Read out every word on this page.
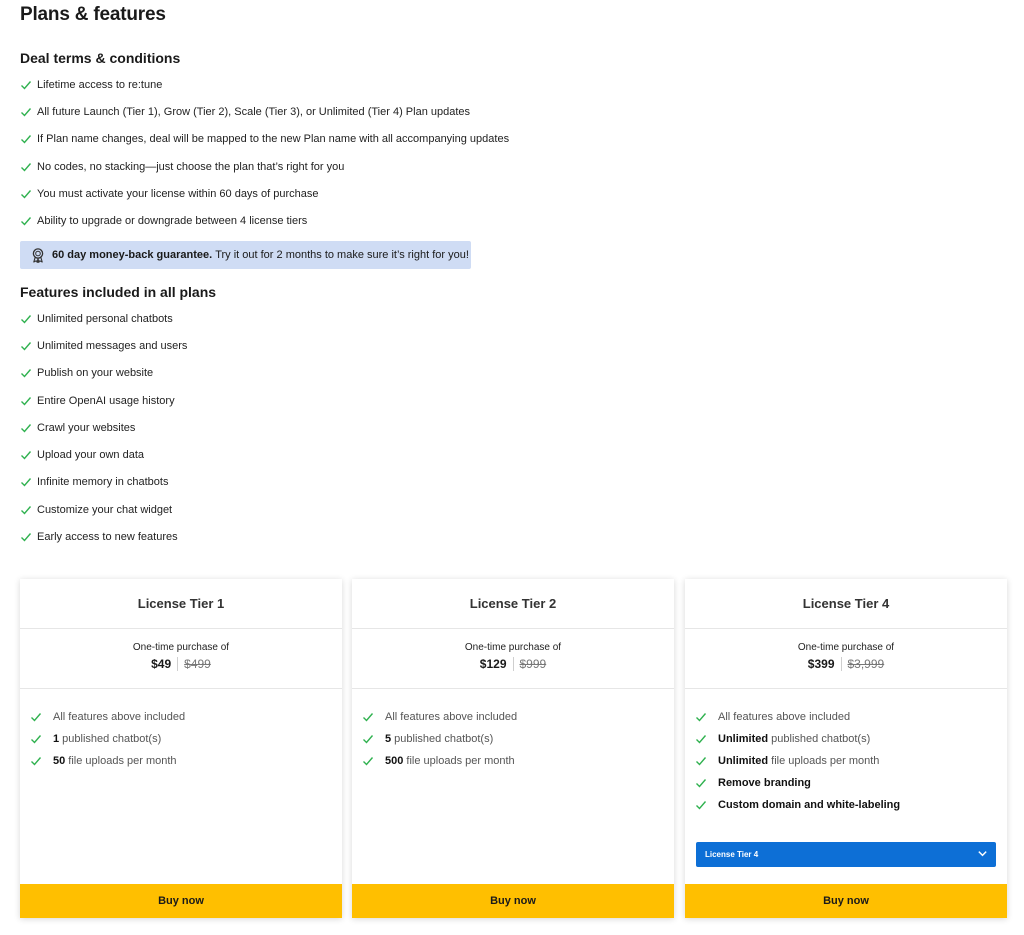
Plans & features
Deal terms & conditions
Lifetime access to re:tune
All future Launch (Tier 1), Grow (Tier 2), Scale (Tier 3), or Unlimited (Tier 4) Plan updates
If Plan name changes, deal will be mapped to the new Plan name with all accompanying updates
No codes, no stacking—just choose the plan that’s right for you
You must activate your license within 60 days of purchase
Ability to upgrade or downgrade between 4 license tiers
60 day money-back guarantee. Try it out for 2 months to make sure it’s right for you!
Features included in all plans
Unlimited personal chatbots
Unlimited messages and users
Publish on your website
Entire OpenAI usage history
Crawl your websites
Upload your own data
Infinite memory in chatbots
Customize your chat widget
Early access to new features
License Tier 1
One-time purchase of
$49	$499
All features above included
1 published chatbot(s)
50 file uploads per month
Buy now
License Tier 2
One-time purchase of
$129	$999
All features above included
5 published chatbot(s)
500 file uploads per month
Buy now
License Tier 4
One-time purchase of
$399	$3,999
All features above included
Unlimited published chatbot(s)
Unlimited file uploads per month
Remove branding
Custom domain and white-labeling
License Tier 4
Buy now
